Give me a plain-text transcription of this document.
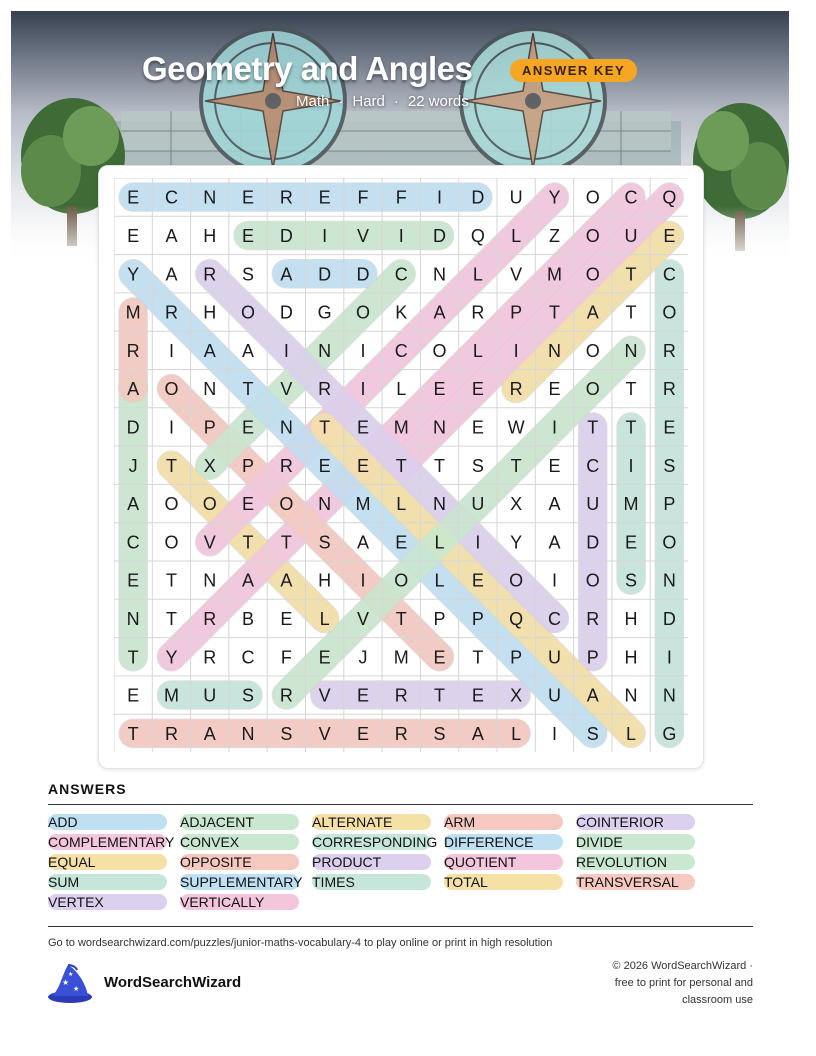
Geometry and Angles	ANSWER KEY
Math · Hard · 22 words
E C N E R E F F I D U Y O C Q
E A H E D I V I D Q L Z O U E
Y A R S A D D C N L V M O T C
M R H O D G O K A R P T A T O
R I A A I N I C O L I N O N R
A O N T V R I L E E R E O T R
D I P E N T E M N E W I T T E
J T X P R E E T T S T E C I S
A O O E O N M L N U X A U M P
C O V T T S A E L I Y A D E O
E T N A A H I O L E O I O S N
N T R B E L V T P P Q C R H D
T Y R C F E J M E T P U P H I
E M U S R V E R T E X U A N N
T R A N S V E R S A L I S L G
ANSWERS
ADD	ADJACENT	ALTERNATE	ARM	COINTERIOR
COMPLEMENTARY CONVEX	CORRESPONDING DIFFERENCE	DIVIDE
EQUAL	OPPOSITE	PRODUCT	QUOTIENT	REVOLUTION
SUM	SUPPLEMENTARY TIMES	TOTAL	TRANSVERSAL
VERTEX	VERTICALLY
Go to wordsearchwizard.com/puzzles/junior-maths-vocabulary-4 to play online or print in high resolution
★
★
★ WordSearchWizard
© 2026 WordSearchWizard ·
free to print for personal and
classroom use
